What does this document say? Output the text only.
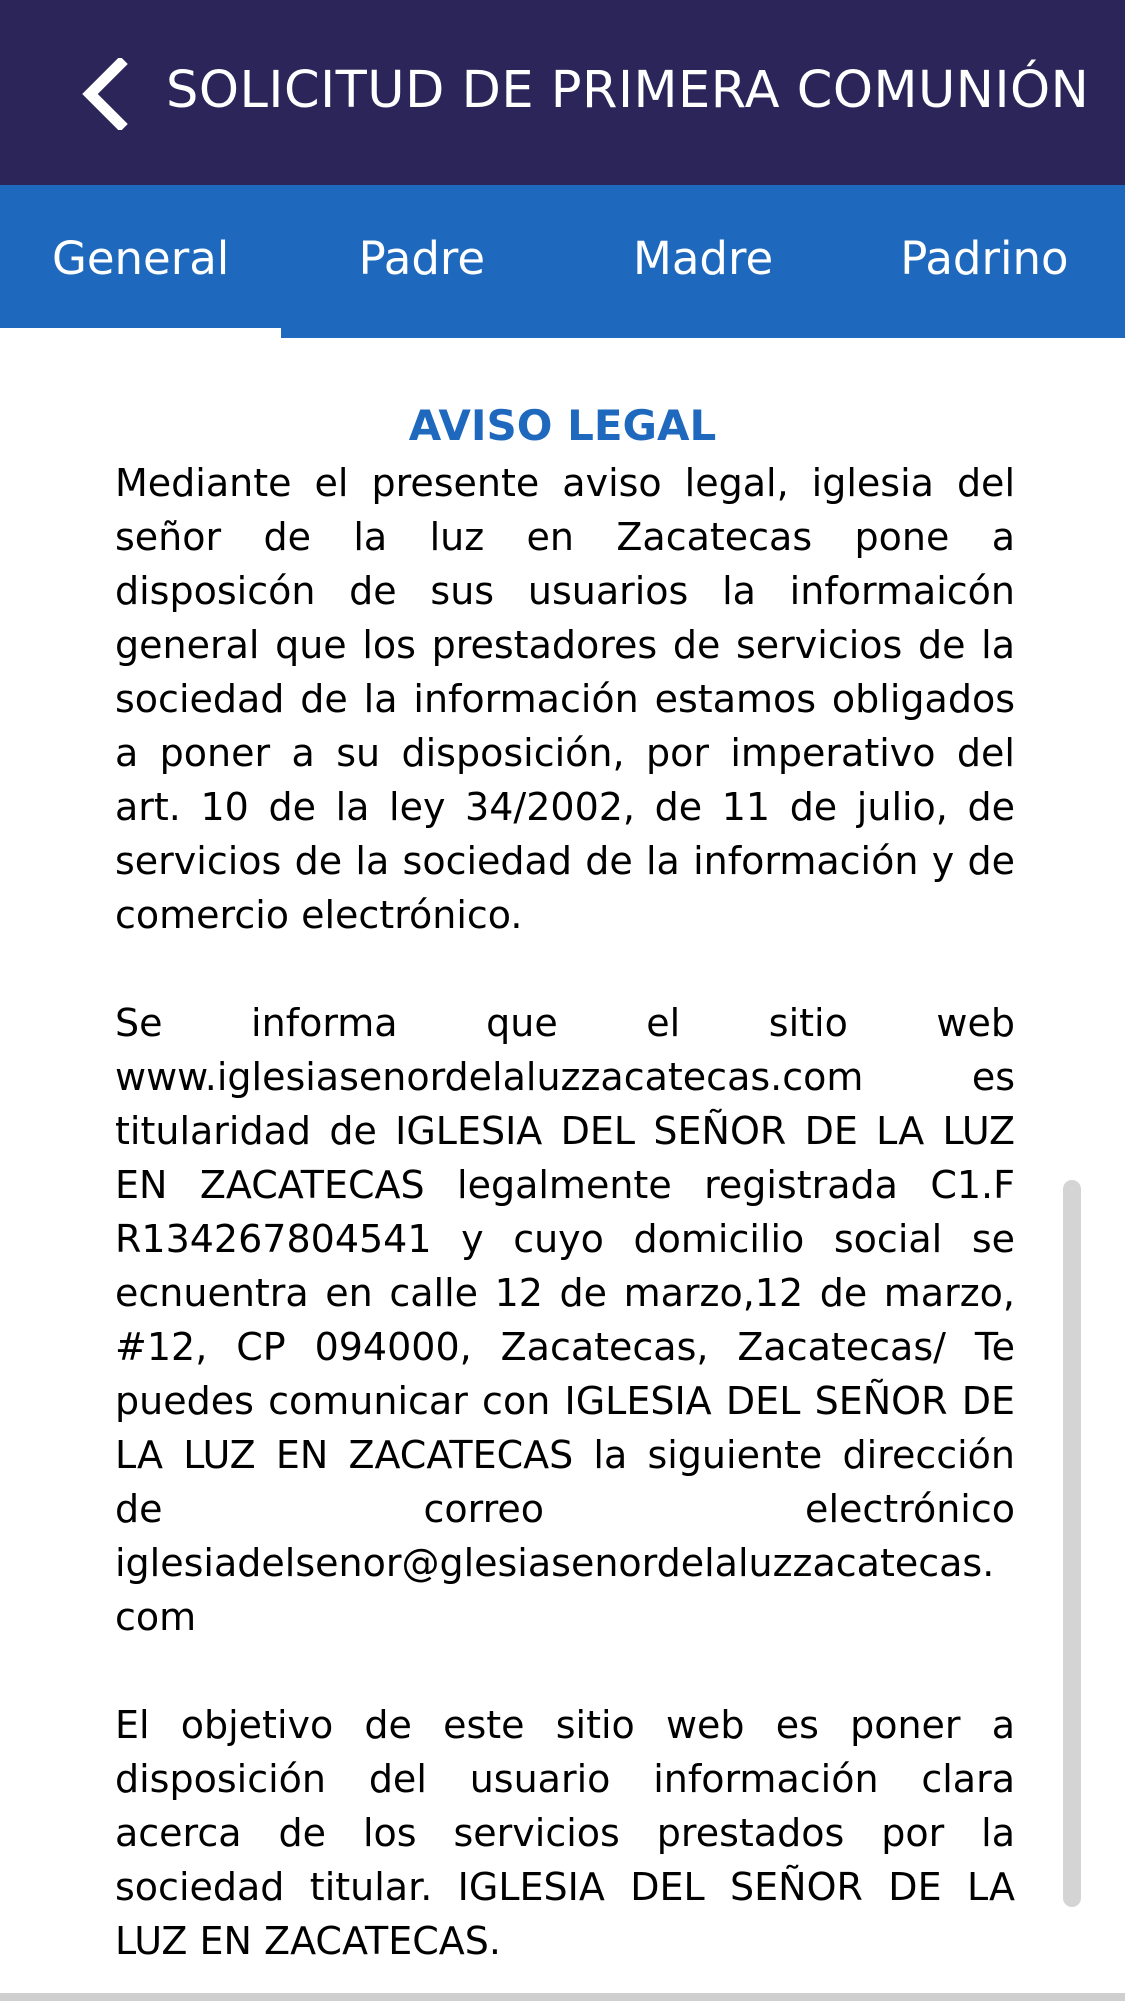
SOLICITUD DE PRIMERA COMUNIÓN
General	Padre	Madre	Padrino
AVISO LEGAL

Mediante el presente aviso legal, iglesia del señor de la luz en Zacatecas pone a disposicón de sus usuarios la informaicón general que los prestadores de servicios de la sociedad de la información estamos obligados a poner a su disposición, por imperativo del art. 10 de la ley 34/2002, de 11 de julio, de servicios de la sociedad de la información y de comercio electrónico.

Se informa que el sitio web www.iglesiasenordelaluzzacatecas.com es titularidad de IGLESIA DEL SEÑOR DE LA LUZ EN ZACATECAS legalmente registrada C1.F R134267804541 y cuyo domicilio social se ecnuentra en calle 12 de marzo,12 de marzo, #12, CP 094000, Zacatecas, Zacatecas/ Te puedes comunicar con IGLESIA DEL SEÑOR DE LA LUZ EN ZACATECAS la siguiente dirección de correo electrónico iglesiadelsenor@glesiasenordelaluzzacatecas.com

El objetivo de este sitio web es poner a disposición del usuario información clara acerca de los servicios prestados por la sociedad titular. IGLESIA DEL SEÑOR DE LA LUZ EN ZACATECAS.
